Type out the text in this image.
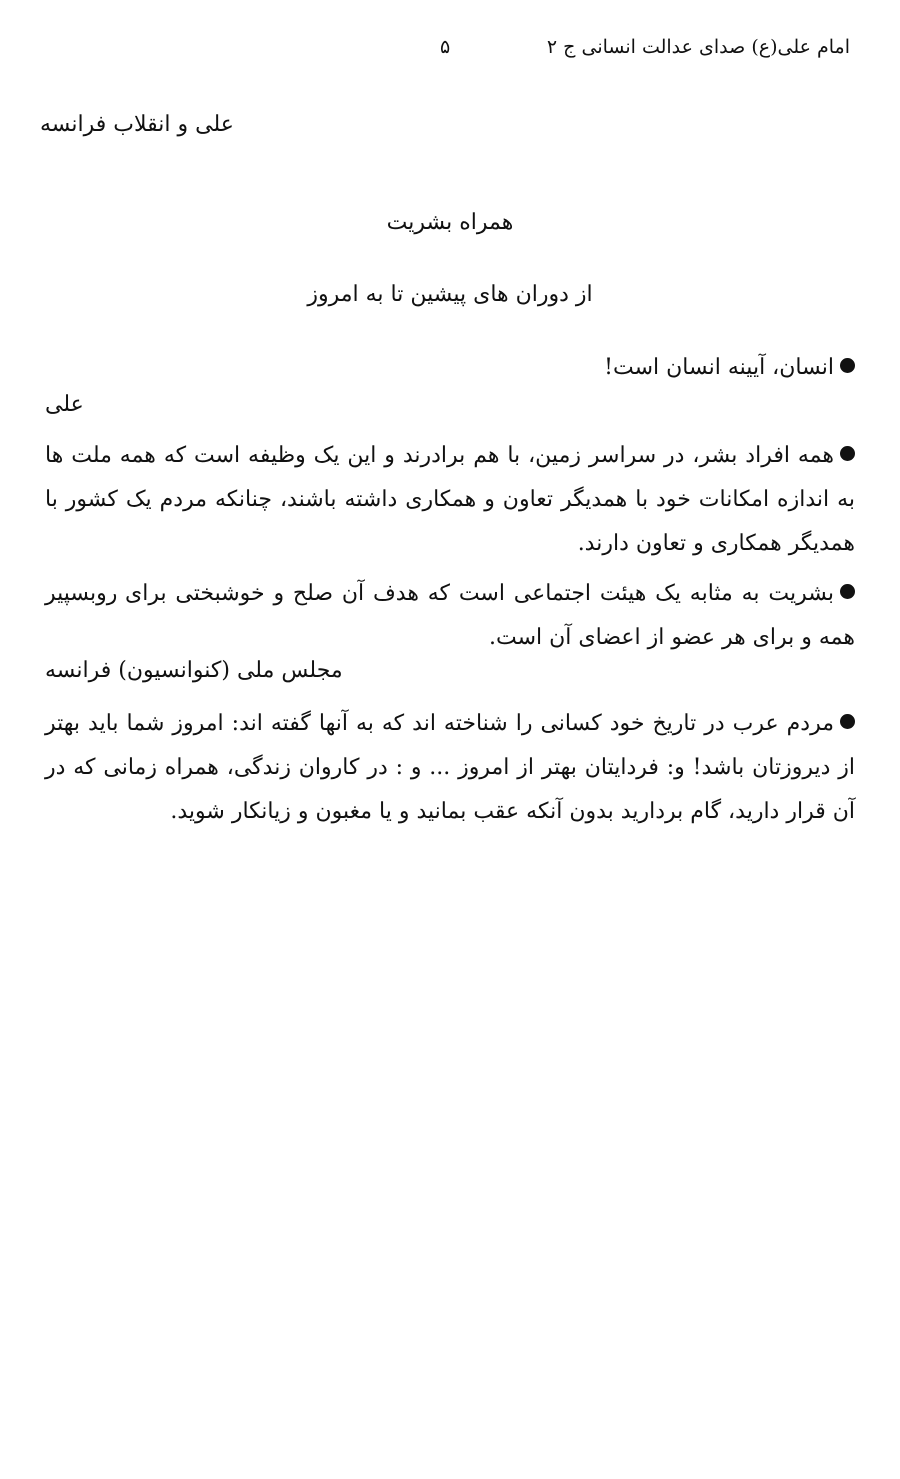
امام علی(ع) صدای عدالت انسانی ج ۲
۵
علی و انقلاب فرانسه
همراه بشریت
از دوران های پیشین تا به امروز
انسان، آیینه انسان است!
علی
همه افراد بشر، در سراسر زمین، با هم برادرند و این یک وظیفه است که همه ملت ها به اندازه امکانات خود با همدیگر تعاون و همکاری داشته باشند، چنانکه مردم یک کشور با همدیگر همکاری و تعاون دارند.
روبسپیر بشریت به مثابه یک هیئت اجتماعی است که هدف آن صلح و خوشبختی برای همه و برای هر عضو از اعضای آن است.
مجلس ملی (کنوانسیون) فرانسه
مردم عرب در تاریخ خود کسانی را شناخته اند که به آنها گفته اند: امروز شما باید بهتر از دیروزتان باشد! و: فردایتان بهتر از امروز ... و : در کاروان زندگی، همراه زمانی که در آن قرار دارید، گام بردارید بدون آنکه عقب بمانید و یا مغبون و زیانکار شوید.
